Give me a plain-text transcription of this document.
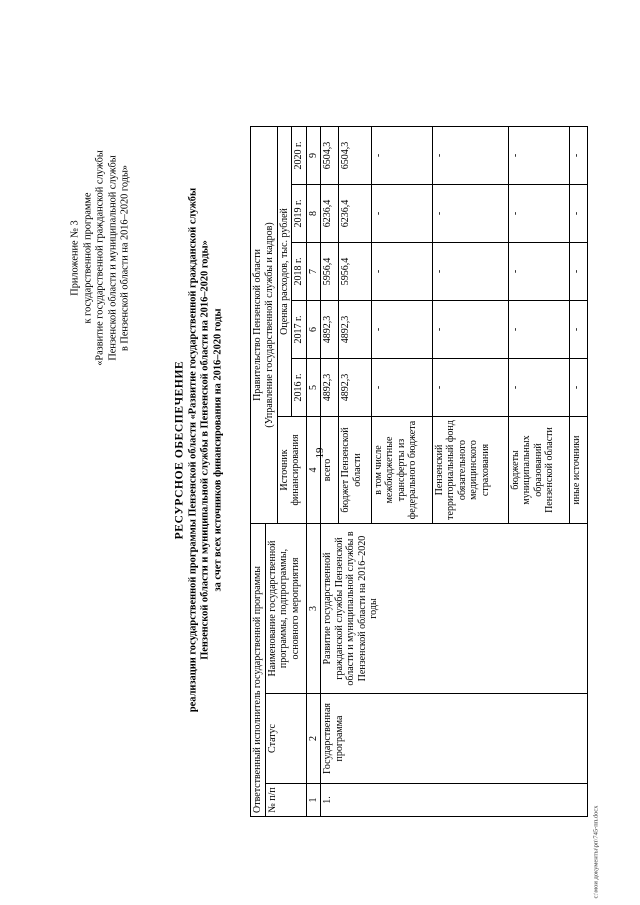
19
c:\мои документы\рп\745-пп.docx
Приложение № 3 к государственной программе «Развитие государственной гражданской службы Пензенской области и муниципальной службы в Пензенской области на 2016–2020 годы»
РЕСУРСНОЕ ОБЕСПЕЧЕНИЕ реализации государственной программы Пензенской области «Развитие государственной гражданской службы Пензенской области и муниципальной службы в Пензенской области на 2016–2020 годы» за счет всех источников финансирования на 2016–2020 годы
Ответственный исполнитель государственной программы			Правительство Пензенской области (Управление государственной службы и кадров)					

№ п/п	Статус	Наименование государственной программы, подпрограммы, основного мероприятия						
			Источник финансирования	Оценка расходов, тыс. рублей				
				2016 г.	2017 г.	2018 г.	2019 г.	2020 г.
1	2	3	4	5	6	7	8	9
1.	Государственная программа	Развитие государственной гражданской службы Пензенской области и муниципальной службы в Пензенской области на 2016–2020 годы	всего	4892,3	4892,3	5956,4	6236,4	6504,3
			бюджет Пензенской области	4892,3	4892,3	5956,4	6236,4	6504,3
			в том числе межбюджетные трансферты из федерального бюджета	-	-	-	-	-
			Пензенский территориальный фонд обязательного медицинского страхования	-	-	-	-	-
			бюджеты муниципальных образований Пензенской области	-	-	-	-	-
			иные источники	-	-	-	-	-
